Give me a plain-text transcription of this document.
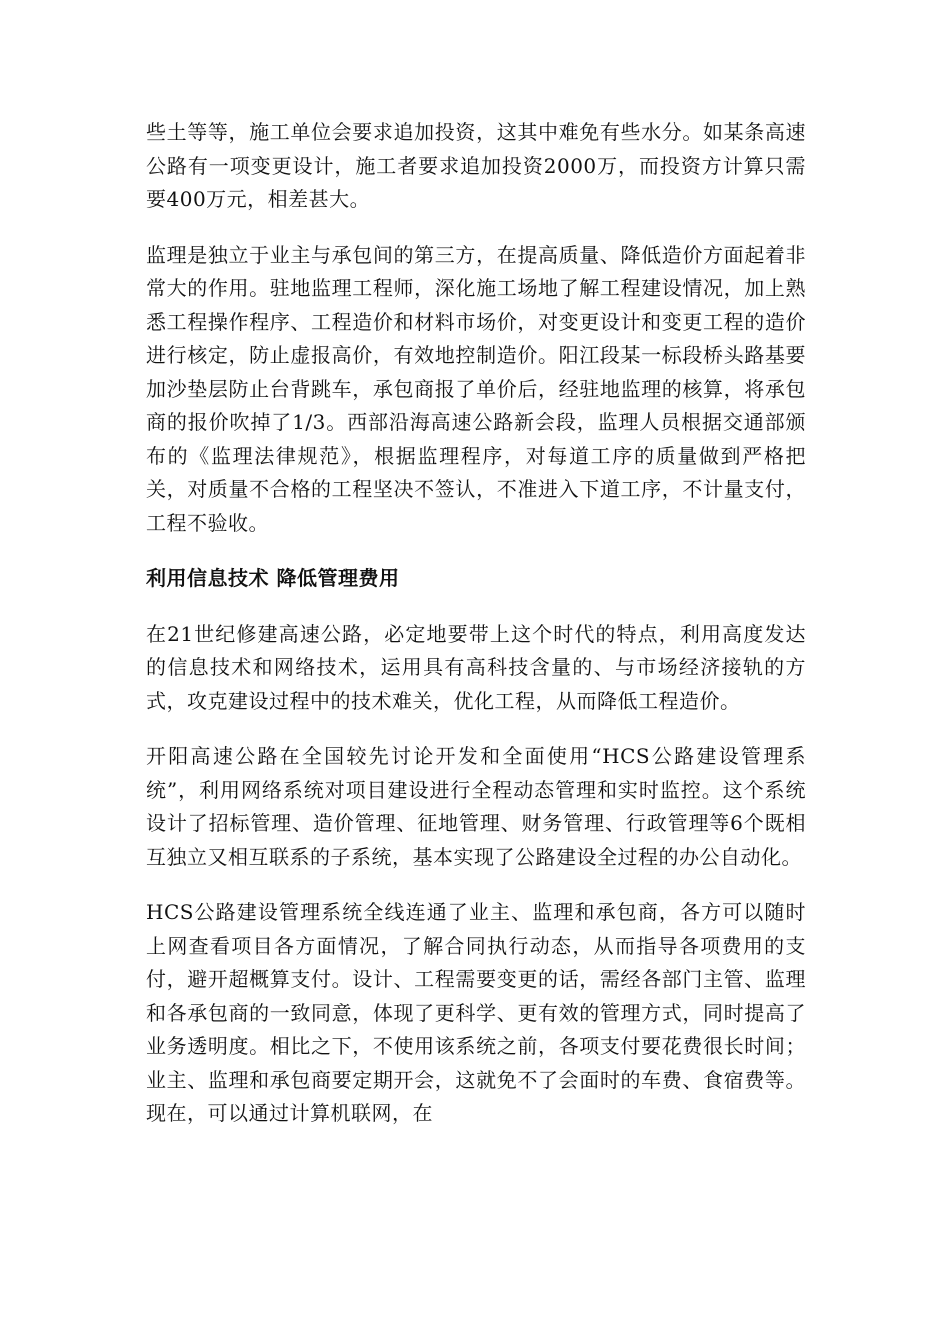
些土等等，施工单位会要求追加投资，这其中难免有些水分。如某条高速公路有一项变更设计，施工者要求追加投资2000万，而投资方计算只需要400万元，相差甚大。

监理是独立于业主与承包间的第三方，在提高质量、降低造价方面起着非常大的作用。驻地监理工程师，深化施工场地了解工程建设情况，加上熟悉工程操作程序、工程造价和材料市场价，对变更设计和变更工程的造价进行核定，防止虚报高价，有效地控制造价。阳江段某一标段桥头路基要加沙垫层防止台背跳车，承包商报了单价后，经驻地监理的核算，将承包商的报价吹掉了1/3。西部沿海高速公路新会段，监理人员根据交通部颁布的《监理法律规范》，根据监理程序，对每道工序的质量做到严格把关，对质量不合格的工程坚决不签认，不准进入下道工序，不计量支付，工程不验收。

利用信息技术 降低管理费用

在21世纪修建高速公路，必定地要带上这个时代的特点，利用高度发达的信息技术和网络技术，运用具有高科技含量的、与市场经济接轨的方式，攻克建设过程中的技术难关，优化工程，从而降低工程造价。

开阳高速公路在全国较先讨论开发和全面使用“HCS公路建设管理系统”，利用网络系统对项目建设进行全程动态管理和实时监控。这个系统设计了招标管理、造价管理、征地管理、财务管理、行政管理等6个既相互独立又相互联系的子系统，基本实现了公路建设全过程的办公自动化。

HCS公路建设管理系统全线连通了业主、监理和承包商，各方可以随时上网查看项目各方面情况，了解合同执行动态，从而指导各项费用的支付，避开超概算支付。设计、工程需要变更的话，需经各部门主管、监理和各承包商的一致同意，体现了更科学、更有效的管理方式，同时提高了业务透明度。相比之下，不使用该系统之前，各项支付要花费很长时间；业主、监理和承包商要定期开会，这就免不了会面时的车费、食宿费等。现在，可以通过计算机联网，在
